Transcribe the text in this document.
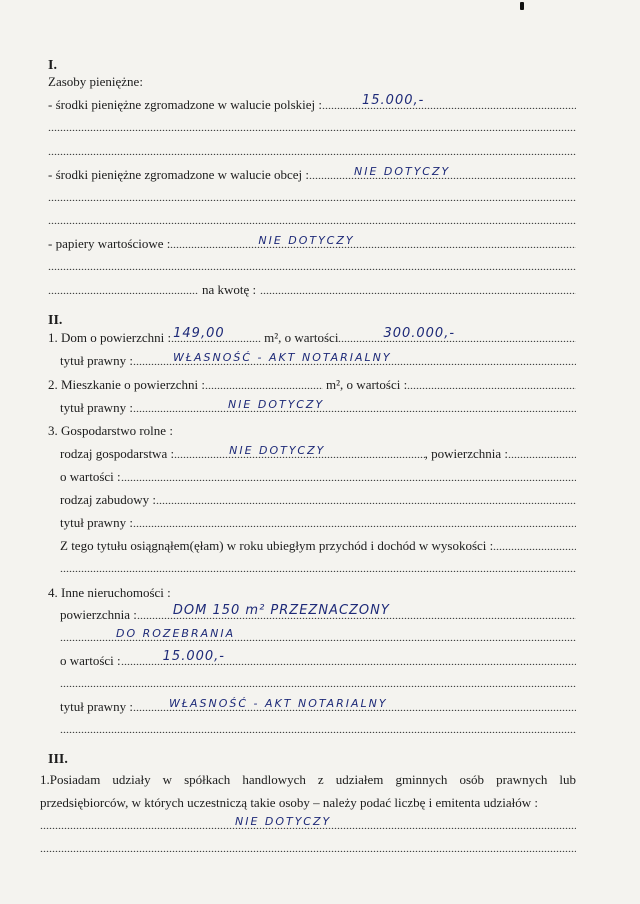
I.
Zasoby pieniężne:
- środki pieniężne zgromadzone w walucie polskiej :	15.000,-
- środki pieniężne zgromadzone w walucie obcej :	NIE DOTYCZY
- papiery wartościowe :	NIE DOTYCZY
na kwotę :
II.
1. Dom o powierzchni : 149,00	m², o wartości	300.000,-
tytuł prawny :	WŁASNOŚĆ - AKT NOTARIALNY
2. Mieszkanie o powierzchni :	m², o wartości :
tytuł prawny :	NIE DOTYCZY
3. Gospodarstwo rolne :
rodzaj gospodarstwa :	NIE DOTYCZY	, powierzchnia :
o wartości :
rodzaj zabudowy :
tytuł prawny :
Z tego tytułu osiągnąłem(ęłam) w roku ubiegłym przychód i dochód w wysokości :
4. Inne nieruchomości :
powierzchnia :	DOM 150 m² PRZEZNACZONY
DO ROZEBRANIA
o wartości :	15.000,-
tytuł prawny :	WŁASNOŚĆ - AKT NOTARIALNY
III.
1.Posiadam udziały w spółkach handlowych z udziałem gminnych osób prawnych lub
przedsiębiorców, w których uczestniczą takie osoby – należy podać liczbę i emitenta udziałów :
NIE DOTYCZY
